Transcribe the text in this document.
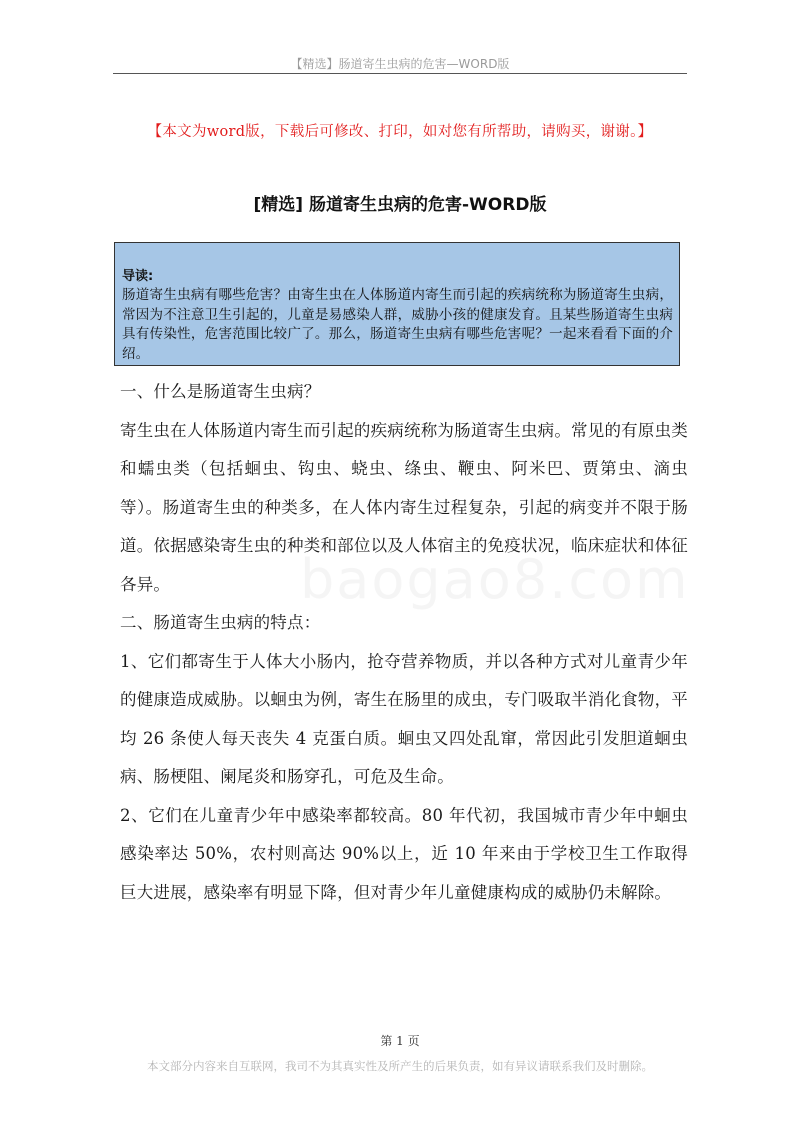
【精选】肠道寄生虫病的危害—WORD版
【本文为word版，下载后可修改、打印，如对您有所帮助，请购买，谢谢。】
[精选] 肠道寄生虫病的危害-WORD版
导读:
肠道寄生虫病有哪些危害？由寄生虫在人体肠道内寄生而引起的疾病统称为肠道寄生虫病，常因为不注意卫生引起的，儿童是易感染人群，威胁小孩的健康发育。且某些肠道寄生虫病具有传染性，危害范围比较广了。那么，肠道寄生虫病有哪些危害呢？一起来看看下面的介绍。
baogao8.com

一、什么是肠道寄生虫病？

寄生虫在人体肠道内寄生而引起的疾病统称为肠道寄生虫病。常见的有原虫类和蠕虫类（包括蛔虫、钩虫、蛲虫、绦虫、鞭虫、阿米巴、贾第虫、滴虫等）。肠道寄生虫的种类多，在人体内寄生过程复杂，引起的病变并不限于肠道。依据感染寄生虫的种类和部位以及人体宿主的免疫状况，临床症状和体征各异。

二、肠道寄生虫病的特点：

1、它们都寄生于人体大小肠内，抢夺营养物质，并以各种方式对儿童青少年的健康造成威胁。以蛔虫为例，寄生在肠里的成虫，专门吸取半消化食物，平均 26 条使人每天丧失 4 克蛋白质。蛔虫又四处乱窜，常因此引发胆道蛔虫病、肠梗阻、阑尾炎和肠穿孔，可危及生命。

2、它们在儿童青少年中感染率都较高。80 年代初，我国城市青少年中蛔虫感染率达 50%，农村则高达 90%以上，近 10 年来由于学校卫生工作取得巨大进展，感染率有明显下降，但对青少年儿童健康构成的威胁仍未解除。

第 1 页
本文部分内容来自互联网，我司不为其真实性及所产生的后果负责，如有异议请联系我们及时删除。
